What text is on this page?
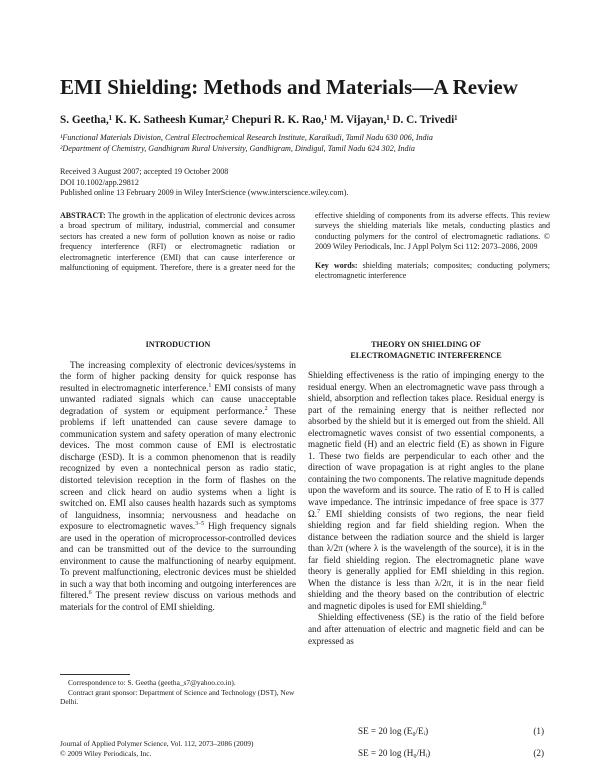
EMI Shielding: Methods and Materials—A Review
S. Geetha,¹ K. K. Satheesh Kumar,² Chepuri R. K. Rao,¹ M. Vijayan,¹ D. C. Trivedi¹
¹Functional Materials Division, Central Electrochemical Research Institute, Karaikudi, Tamil Nadu 630 006, India
²Department of Chemistry, Gandhigram Rural University, Gandhigram, Dindigul, Tamil Nadu 624 302, India
Received 3 August 2007; accepted 19 October 2008
DOI 10.1002/app.29812
Published online 13 February 2009 in Wiley InterScience (www.interscience.wiley.com).

ABSTRACT: The growth in the application of electronic devices across a broad spectrum of military, industrial, commercial and consumer sectors has created a new form of pollution known as noise or radio frequency interference (RFI) or electromagnetic radiation or electromagnetic interference (EMI) that can cause interference or malfunctioning of equipment. Therefore, there is a greater need for the effective shielding of components from its adverse effects. This review surveys the shielding materials like metals, conducting plastics and conducting polymers for the control of electromagnetic radiations. © 2009 Wiley Periodicals, Inc. J Appl Polym Sci 112: 2073–2086, 2009

Key words: shielding materials; composites; conducting polymers; electromagnetic interference

INTRODUCTION

The increasing complexity of electronic devices/systems in the form of higher packing density for quick response has resulted in electromagnetic interference.$^1$ EMI consists of many unwanted radiated signals which can cause unacceptable degradation of system or equipment performance.$^2$ These problems if left unattended can cause severe damage to communication system and safety operation of many electronic devices. The most common cause of EMI is electrostatic discharge (ESD). It is a common phenomenon that is readily recognized by even a nontechnical person as radio static, distorted television reception in the form of flashes on the screen and click heard on audio systems when a light is switched on. EMI also causes health hazards such as symptoms of languidness, insomnia; nervousness and headache on exposure to electromagnetic waves.$^{3-5}$ High frequency signals are used in the operation of microprocessor-controlled devices and can be transmitted out of the device to the surrounding environment to cause the malfunctioning of nearby equipment. To prevent malfunctioning, electronic devices must be shielded in such a way that both incoming and outgoing interferences are filtered.$^6$ The present review discuss on various methods and materials for the control of EMI shielding.

THEORY ON SHIELDING OF
ELECTROMAGNETIC INTERFERENCE

Shielding effectiveness is the ratio of impinging energy to the residual energy. When an electromagnetic wave pass through a shield, absorption and reflection takes place. Residual energy is part of the remaining energy that is neither reflected nor absorbed by the shield but it is emerged out from the shield. All electromagnetic waves consist of two essential components, a magnetic field (H) and an electric field (E) as shown in Figure 1. These two fields are perpendicular to each other and the direction of wave propagation is at right angles to the plane containing the two components. The relative magnitude depends upon the waveform and its source. The ratio of E to H is called wave impedance. The intrinsic impedance of free space is 377 Ω.$^7$ EMI shielding consists of two regions, the near field shielding region and far field shielding region. When the distance between the radiation source and the shield is larger than λ/2π (where λ is the wavelength of the source), it is in the far field shielding region. The electromagnetic plane wave theory is generally applied for EMI shielding in this region. When the distance is less than λ/2π, it is in the near field shielding and the theory based on the contribution of electric and magnetic dipoles is used for EMI shielding.$^8$

Shielding effectiveness (SE) is the ratio of the field before and after attenuation of electric and magnetic field and can be expressed as

Correspondence to: S. Geetha (geetha_s7@yahoo.co.in).

Contract grant sponsor: Department of Science and Technology (DST), New Delhi.

Journal of Applied Polymer Science, Vol. 112, 2073–2086 (2009)
© 2009 Wiley Periodicals, Inc.
SE = 20 log (E₀/Eᵢ)	(1)
SE = 20 log (H₀/Hᵢ)	(2)
